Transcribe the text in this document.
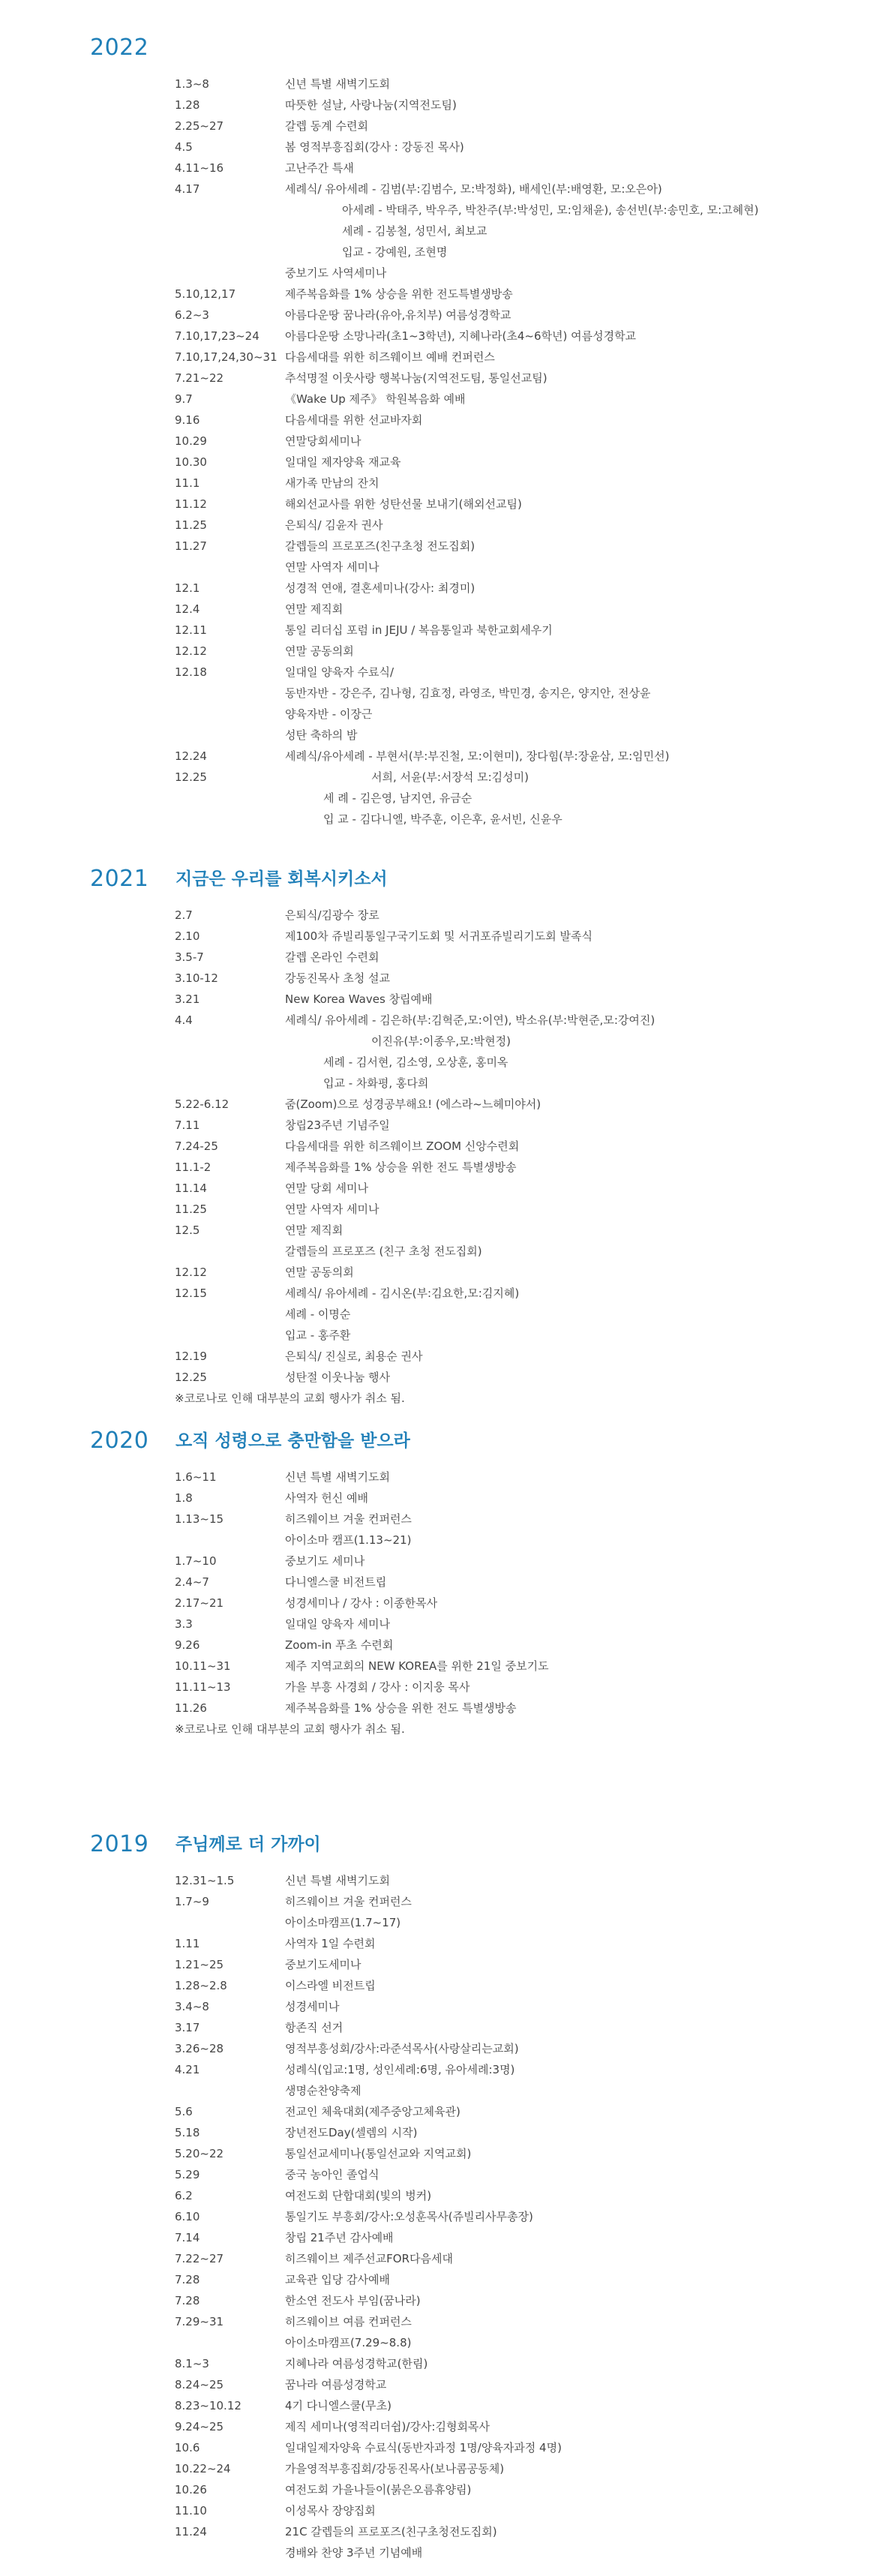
2022
1.3~8	신년 특별 새벽기도회
1.28	따뜻한 설날, 사랑나눔(지역전도팀)
2.25~27	갈렙 동계 수련회
4.5	봄 영적부흥집회(강사 : 강동진 목사)
4.11~16	고난주간 특새
4.17	세례식/ 유아세례 - 김범(부:김범수, 모:박정화), 배세인(부:배영환, 모:오은아)
아세례 - 박태주, 박우주, 박찬주(부:박성민, 모:임채윤), 송선빈(부:송민호, 모:고혜현)
세례 - 김봉철, 성민서, 최보교
입교 - 강예원, 조현명
중보기도 사역세미나
5.10,12,17	제주복음화를 1% 상승을 위한 전도특별생방송
6.2~3	아름다운땅 꿈나라(유아,유치부) 여름성경학교
7.10,17,23~24 아름다운땅 소망나라(초1~3학년), 지혜나라(초4~6학년) 여름성경학교
7.10,17,24,30~31 다음세대를 위한 히즈웨이브 예배 컨퍼런스
7.21~22	추석명절 이웃사랑 행복나눔(지역전도팀, 통일선교팀)
9.7	《Wake Up 제주》 학원복음화 예배
9.16	다음세대를 위한 선교바자회
10.29	연말당회세미나
10.30	일대일 제자양육 재교육
11.1	새가족 만남의 잔치
11.12	해외선교사를 위한 성탄선물 보내기(해외선교팀)
11.25	은퇴식/ 김윤자 권사
11.27	갈렙들의 프로포즈(친구초청 전도집회)
연말 사역자 세미나
12.1	성경적 연애, 결혼세미나(강사: 최경미)
12.4	연말 제직회
12.11	통일 리더십 포럼 in JEJU / 복음통일과 북한교회세우기
12.12	연말 공동의회
12.18	일대일 양육자 수료식/
동반자반 - 강은주, 김나형, 김효정, 라영조, 박민경, 송지은, 양지안, 전상윤
양육자반 - 이장근
성탄 축하의 밤
12.24	세례식/유아세례 - 부현서(부:부진철, 모:이현미), 장다힘(부:장윤삼, 모:임민선)
12.25	서희, 서윤(부:서장석 모:김성미)
세 례 - 김은영, 남지연, 유금순
입 교 - 김다니엘, 박주훈, 이은후, 윤서빈, 신윤우
2021 지금은 우리를 회복시키소서
2.7	은퇴식/김광수 장로
2.10	제100차 쥬빌리통일구국기도회 및 서귀포쥬빌리기도회 발족식
3.5-7	갈렙 온라인 수련회
3.10-12	강동진목사 초청 설교
3.21	New Korea Waves 창립예배
4.4	세례식/ 유아세례 - 김은하(부:김혁준,모:이연), 박소유(부:박현준,모:강여진)
이진유(부:이종우,모:박현정)
세례 - 김서현, 김소영, 오상훈, 홍미옥
입교 - 차화평, 홍다희
5.22-6.12	줌(Zoom)으로 성경공부해요! (에스라~느헤미야서)
7.11	창립23주년 기념주일
7.24-25	다음세대를 위한 히즈웨이브 ZOOM 신앙수련회
11.1-2	제주복음화를 1% 상승을 위한 전도 특별생방송
11.14	연말 당회 세미나
11.25	연말 사역자 세미나
12.5	연말 제직회
갈렙들의 프로포즈 (친구 초청 전도집회)
12.12	연말 공동의회
12.15	세례식/ 유아세례 - 김시온(부:김요한,모:김지혜)
세례 - 이명순
입교 - 홍주환
12.19	은퇴식/ 진실로, 최용순 권사
12.25	성탄절 이웃나눔 행사
※코로나로 인해 대부분의 교회 행사가 취소 됨.
2020 오직 성령으로 충만함을 받으라
1.6~11	신년 특별 새벽기도회
1.8	사역자 헌신 예배
1.13~15	히즈웨이브 겨울 컨퍼런스
아이소마 캠프(1.13~21)
1.7~10	중보기도 세미나
2.4~7	다니엘스쿨 비전트립
2.17~21	성경세미나 / 강사 : 이종한목사
3.3	일대일 양육자 세미나
9.26	Zoom-in 푸초 수련회
10.11~31	제주 지역교회의 NEW KOREA를 위한 21일 중보기도
11.11~13	가을 부흥 사경회 / 강사 : 이지웅 목사
11.26	제주복음화를 1% 상승을 위한 전도 특별생방송
※코로나로 인해 대부분의 교회 행사가 취소 됨.
2019 주님께로 더 가까이
12.31~1.5	신년 특별 새벽기도회
1.7~9	히즈웨이브 겨울 컨퍼런스
아이소마캠프(1.7~17)
1.11	사역자 1일 수련회
1.21~25	중보기도세미나
1.28~2.8	이스라엘 비전트립
3.4~8	성경세미나
3.17	항존직 선거
3.26~28	영적부흥성회/강사:라준석목사(사랑살리는교회)
4.21	성례식(입교:1명, 성인세례:6명, 유아세례:3명)
생명순찬양축제
5.6	전교인 체육대회(제주중앙고체육관)
5.18	장년전도Day(셀렘의 시작)
5.20~22	통일선교세미나(통일선교와 지역교회)
5.29	중국 농아인 졸업식
6.2	여전도회 단합대회(빛의 벙커)
6.10	통일기도 부흥회/강사:오성훈목사(쥬빌리사무총장)
7.14	창립 21주년 감사예배
7.22~27	히즈웨이브 제주선교FOR다음세대
7.28	교육관 입당 감사예배
7.28	한소연 전도사 부임(꿈나라)
7.29~31	히즈웨이브 여름 컨퍼런스
아이소마캠프(7.29~8.8)
8.1~3	지혜나라 여름성경학교(한림)
8.24~25	꿈나라 여름성경학교
8.23~10.12	4기 다니엘스쿨(무초)
9.24~25	제직 세미나(영적리더쉽)/강사:김형회목사
10.6	일대일제자양육 수료식(동반자과정 1명/양육자과정 4명)
10.22~24	가을영적부흥집회/강동진목사(보나콤공동체)
10.26	여전도회 가을나들이(붉은오름휴양림)
11.10	이성목사 장양집회
11.24	21C 갈렙들의 프로포즈(친구초청전도집회)
경배와 찬양 3주년 기념예배
